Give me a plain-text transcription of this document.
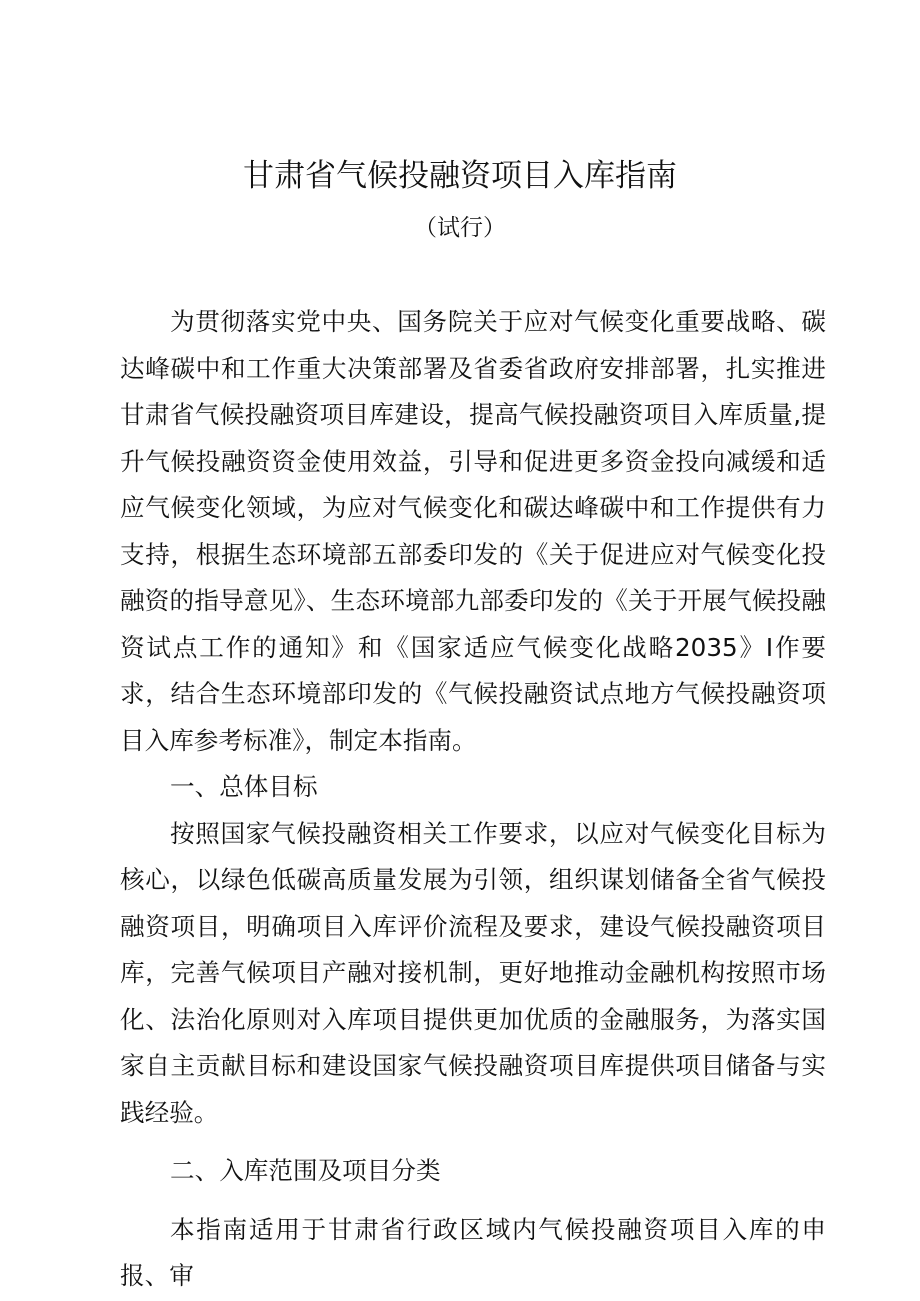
甘肃省气候投融资项目入库指南
（试行）

为贯彻落实党中央、国务院关于应对气候变化重要战略、碳达峰碳中和工作重大决策部署及省委省政府安排部署，扎实推进甘肃省气候投融资项目库建设，提高气候投融资项目入库质量,提升气候投融资资金使用效益，引导和促进更多资金投向减缓和适应气候变化领域，为应对气候变化和碳达峰碳中和工作提供有力支持，根据生态环境部五部委印发的《关于促进应对气候变化投融资的指导意见》、生态环境部九部委印发的《关于开展气候投融资试点工作的通知》和《国家适应气候变化战略2035》I作要求，结合生态环境部印发的《气候投融资试点地方气候投融资项目入库参考标准》，制定本指南。

一、总体目标

按照国家气候投融资相关工作要求，以应对气候变化目标为核心，以绿色低碳高质量发展为引领，组织谋划储备全省气候投融资项目，明确项目入库评价流程及要求，建设气候投融资项目库，完善气候项目产融对接机制，更好地推动金融机构按照市场化、法治化原则对入库项目提供更加优质的金融服务，为落实国家自主贡献目标和建设国家气候投融资项目库提供项目储备与实践经验。

二、入库范围及项目分类

本指南适用于甘肃省行政区域内气候投融资项目入库的申报、审
